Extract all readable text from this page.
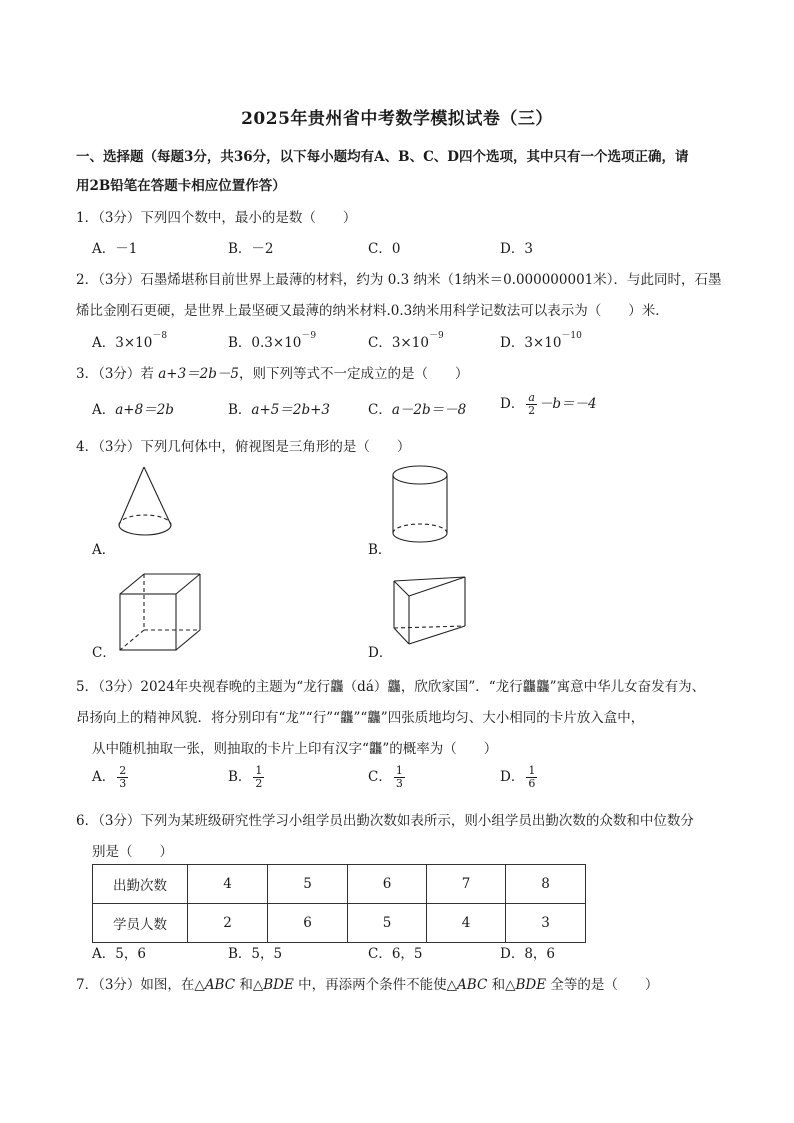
2025年贵州省中考数学模拟试卷（三）
一、选择题（每题3分，共36分，以下每小题均有A、B、C、D四个选项，其中只有一个选项正确，请
用2B铅笔在答题卡相应位置作答）
1．（3分）下列四个数中，最小的是数（　　）
A．－1	B．－2	C．0	D．3
2．（3分）石墨烯堪称目前世界上最薄的材料，约为 0.3 纳米（1纳米＝0.000000001米）．与此同时，石墨
烯比金刚石更硬，是世界上最坚硬又最薄的纳米材料.0.3纳米用科学记数法可以表示为（　　）米．
A．$3\times 10^{-8}$	B．$0.3\times 10^{-9}$	C．$3\times 10^{-9}$	D．$3\times 10^{-10}$
3．（3分）若 a+3＝2b－5，则下列等式不一定成立的是（　　）
A．a+8＝2b	B．a+5＝2b+3	C．a－2b＝－8	D． $\frac{a}{2} -b=-4$
4．（3分）下列几何体中，俯视图是三角形的是（　　）
A．	B．
C．	D．
5．（3分）2024年央视春晚的主题为“龙行龘（dá）龘，欣欣家国”．“龙行龘龘”寓意中华儿女奋发有为、
昂扬向上的精神风貌．将分别印有“龙”“行”“龘”“龘”四张质地均匀、大小相同的卡片放入盒中，
从中随机抽取一张，则抽取的卡片上印有汉字“龘”的概率为（　　）
A． $\frac{2}{3}$	B． $\frac{1}{2}$	C． $\frac{1}{3}$	D． $\frac{1}{6}$
6．（3分）下列为某班级研究性学习小组学员出勤次数如表所示，则小组学员出勤次数的众数和中位数分
别是（　　）
出勤次数	4	5	6	7	8
学员人数	2	6	5	4	3
A．5，6	B．5，5	C．6，5	D．8，6
7．（3分）如图，在△ABC 和△BDE 中，再添两个条件不能使△ABC 和△BDE 全等的是（　　）
